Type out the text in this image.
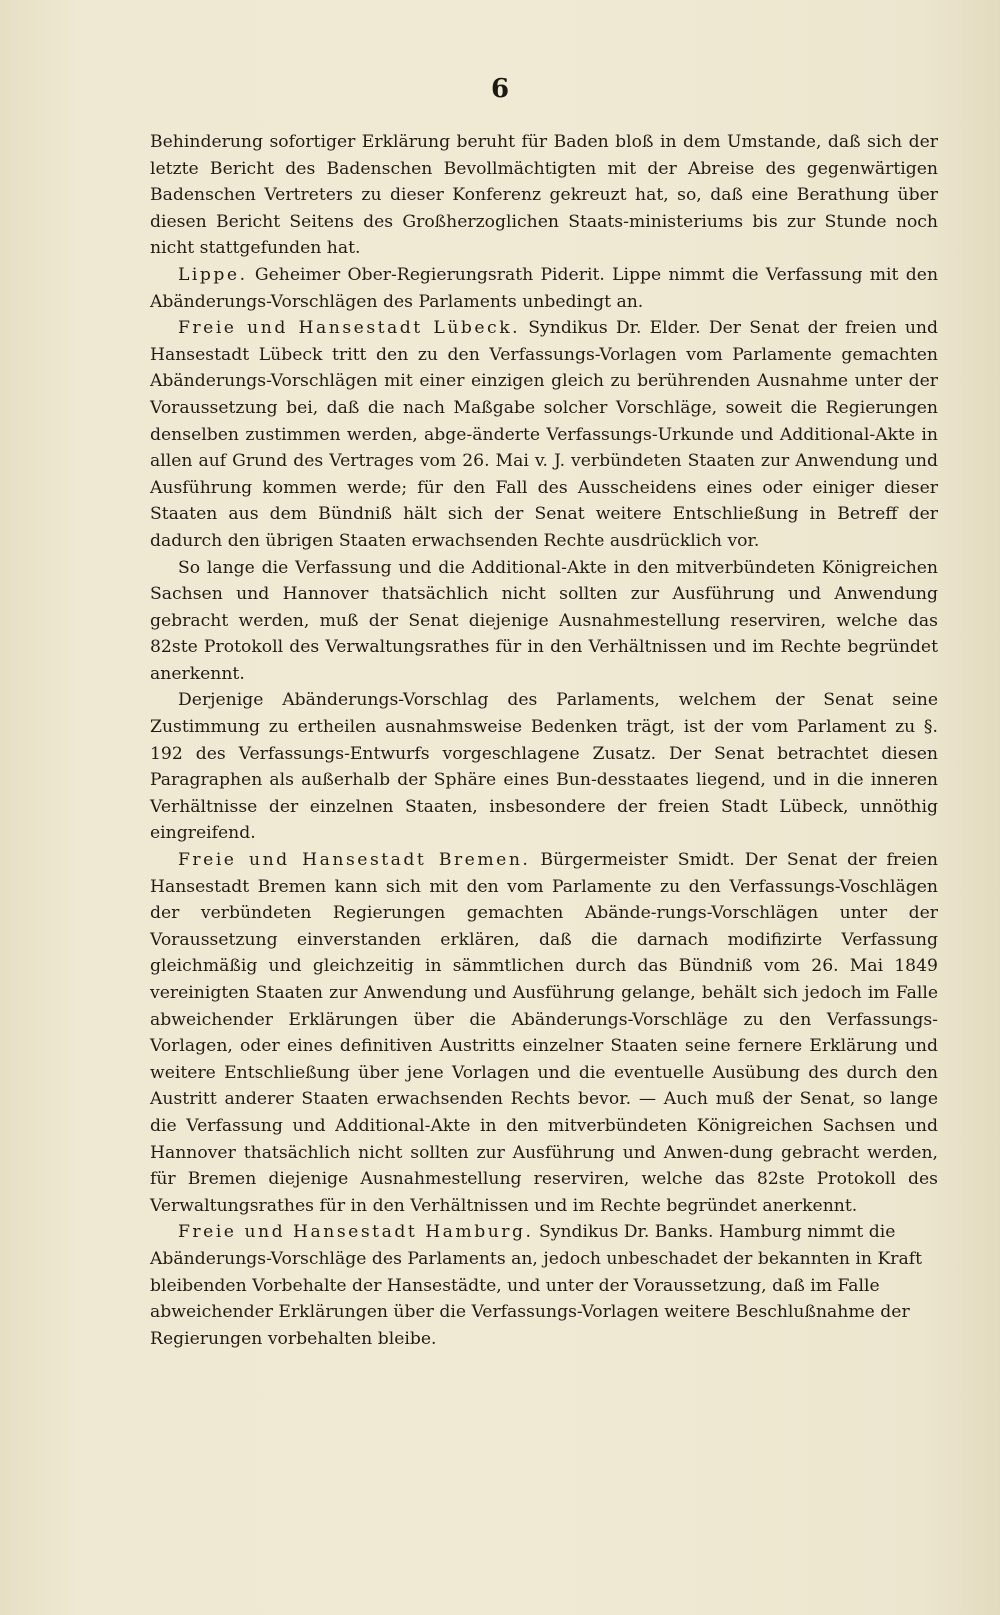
6

Behinderung sofortiger Erklärung beruht für Baden bloß in dem Umstande, daß sich der letzte Bericht des Badenschen Bevollmächtigten mit der Abreise des gegenwärtigen Badenschen Vertreters zu dieser Konferenz gekreuzt hat, so, daß eine Berathung über diesen Bericht Seitens des Großherzoglichen Staats-ministeriums bis zur Stunde noch nicht stattgefunden hat.

Lippe. Geheimer Ober-Regierungsrath Piderit. Lippe nimmt die Verfassung mit den Abänderungs-Vorschlägen des Parlaments unbedingt an.

Freie und Hansestadt Lübeck. Syndikus Dr. Elder. Der Senat der freien und Hansestadt Lübeck tritt den zu den Verfassungs-Vorlagen vom Parlamente gemachten Abänderungs-Vorschlägen mit einer einzigen gleich zu berührenden Ausnahme unter der Voraussetzung bei, daß die nach Maßgabe solcher Vorschläge, soweit die Regierungen denselben zustimmen werden, abge-änderte Verfassungs-Urkunde und Additional-Akte in allen auf Grund des Vertrages vom 26. Mai v. J. verbündeten Staaten zur Anwendung und Ausführung kommen werde; für den Fall des Ausscheidens eines oder einiger dieser Staaten aus dem Bündniß hält sich der Senat weitere Entschließung in Betreff der dadurch den übrigen Staaten erwachsenden Rechte ausdrücklich vor.

So lange die Verfassung und die Additional-Akte in den mitverbündeten Königreichen Sachsen und Hannover thatsächlich nicht sollten zur Ausführung und Anwendung gebracht werden, muß der Senat diejenige Ausnahmestellung reserviren, welche das 82ste Protokoll des Verwaltungsrathes für in den Verhältnissen und im Rechte begründet anerkennt.

Derjenige Abänderungs-Vorschlag des Parlaments, welchem der Senat seine Zustimmung zu ertheilen ausnahmsweise Bedenken trägt, ist der vom Parlament zu §. 192 des Verfassungs-Entwurfs vorgeschlagene Zusatz. Der Senat betrachtet diesen Paragraphen als außerhalb der Sphäre eines Bun-desstaates liegend, und in die inneren Verhältnisse der einzelnen Staaten, insbesondere der freien Stadt Lübeck, unnöthig eingreifend.

Freie und Hansestadt Bremen. Bürgermeister Smidt. Der Senat der freien Hansestadt Bremen kann sich mit den vom Parlamente zu den Verfassungs-Voschlägen der verbündeten Regierungen gemachten Abände-rungs-Vorschlägen unter der Voraussetzung einverstanden erklären, daß die darnach modifizirte Verfassung gleichmäßig und gleichzeitig in sämmtlichen durch das Bündniß vom 26. Mai 1849 vereinigten Staaten zur Anwendung und Ausführung gelange, behält sich jedoch im Falle abweichender Erklärungen über die Abänderungs-Vorschläge zu den Verfassungs-Vorlagen, oder eines definitiven Austritts einzelner Staaten seine fernere Erklärung und weitere Entschließung über jene Vorlagen und die eventuelle Ausübung des durch den Austritt anderer Staaten erwachsenden Rechts bevor. — Auch muß der Senat, so lange die Verfassung und Additional-Akte in den mitverbündeten Königreichen Sachsen und Hannover thatsächlich nicht sollten zur Ausführung und Anwen-dung gebracht werden, für Bremen diejenige Ausnahmestellung reserviren, welche das 82ste Protokoll des Verwaltungsrathes für in den Verhältnissen und im Rechte begründet anerkennt.

Freie und Hansestadt Hamburg. Syndikus Dr. Banks. Hamburg nimmt die Abänderungs-Vorschläge des Parlaments an, jedoch unbeschadet der bekannten in Kraft bleibenden Vorbehalte der Hansestädte, und unter der Voraussetzung, daß im Falle abweichender Erklärungen über die Verfassungs-Vorlagen weitere Beschlußnahme der Regierungen vorbehalten bleibe.
